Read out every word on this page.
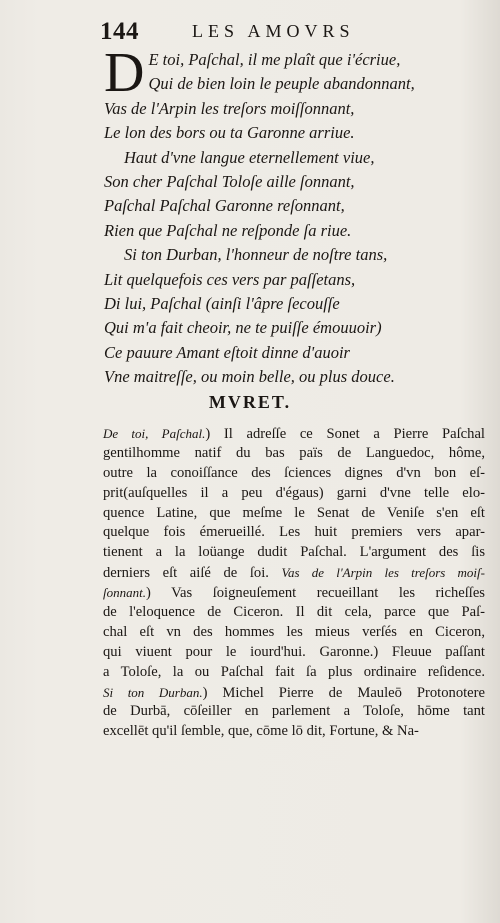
144	LES AMOVRS
D E toi, Paſchal, il me plaît que i'écriue,
Qui de bien loin le peuple abandonnant,
Vas de l'Arpin les treſors moiſſonnant,
Le lon des bors ou ta Garonne arriue.
Haut d'vne langue eternellement viue,
Son cher Paſchal Toloſe aille ſonnant,
Paſchal Paſchal Garonne reſonnant,
Rien que Paſchal ne reſponde ſa riue.
Si ton Durban, l'honneur de noſtre tans,
Lit quelquefois ces vers par paſſetans,
Di lui, Paſchal (ainſi l'âpre ſecouſſe
Qui m'a fait cheoir, ne te puiſſe émouuoir)
Ce pauure Amant eſtoit dinne d'auoir
Vne maitreſſe, ou moin belle, ou plus douce.
MVRET.
De toi, Paſchal.) Il adreſſe ce Sonet a Pierre Paſchal
gentilhomme natif du bas païs de Languedoc, hôme,
outre la conoiſſance des ſciences dignes d'vn bon eſ-
prit(auſquelles il a peu d'égaus) garni d'vne telle elo-
quence Latine, que meſme le Senat de Veniſe s'en eſt
quelque fois émerueillé. Les huit premiers vers apar-
tienent a la loüange dudit Paſchal. L'argument des ſis
derniers eſt aiſé de ſoi. Vas de l'Arpin les treſors moiſ-
ſonnant.) Vas ſoigneuſement recueillant les richeſſes
de l'eloquence de Ciceron. Il dit cela, parce que Paſ-
chal eſt vn des hommes les mieus verſés en Ciceron,
qui viuent pour le iourd'hui. Garonne.) Fleuue paſſant
a Toloſe, la ou Paſchal fait ſa plus ordinaire reſidence.
Si ton Durban.) Michel Pierre de Mauleō Protonotere
de Durbā, cōſeiller en parlement a Toloſe, hōme tant
excellēt qu'il ſemble, que, cōme lō dit, Fortune, & Na-
